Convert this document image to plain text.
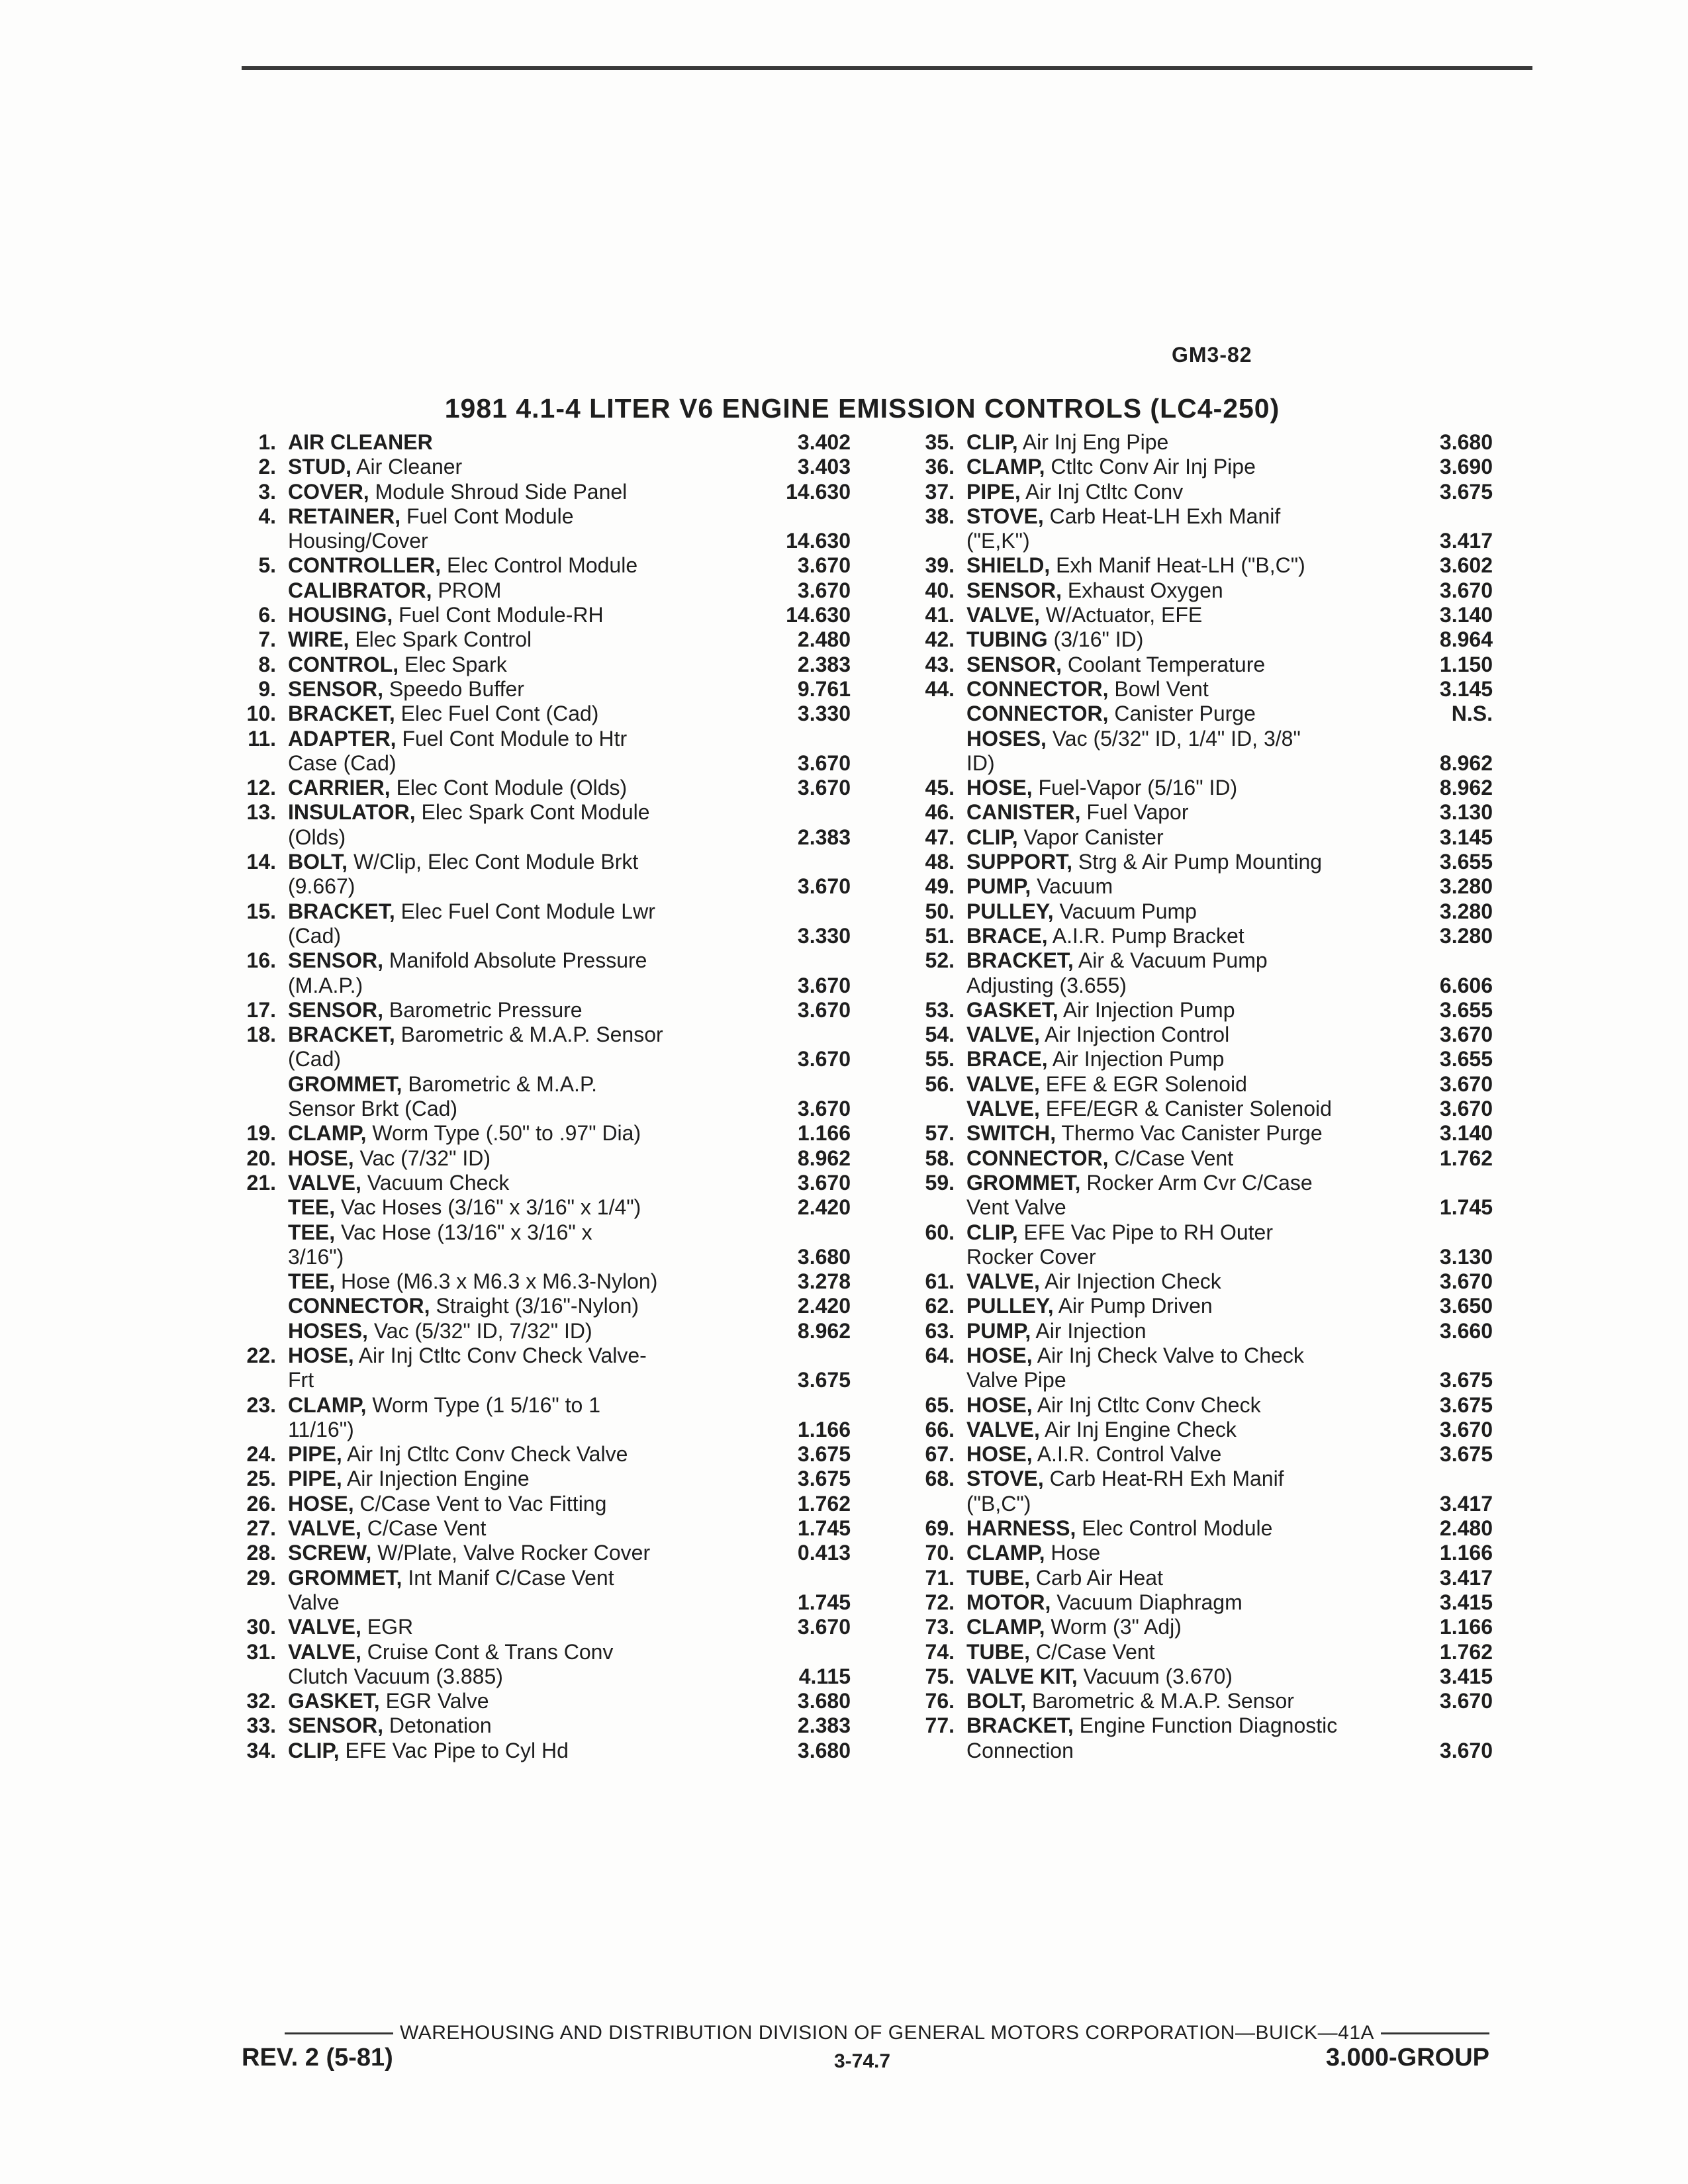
GM3-82
1981 4.1-4 LITER V6 ENGINE EMISSION CONTROLS (LC4-250)
1. AIR CLEANER	3.402
2. STUD, Air Cleaner	3.403
3. COVER, Module Shroud Side Panel	14.630
4. RETAINER, Fuel Cont Module
Housing/Cover	14.630
5. CONTROLLER, Elec Control Module	3.670
CALIBRATOR, PROM	3.670
6. HOUSING, Fuel Cont Module-RH	14.630
7. WIRE, Elec Spark Control	2.480
8. CONTROL, Elec Spark	2.383
9. SENSOR, Speedo Buffer	9.761
10. BRACKET, Elec Fuel Cont (Cad)	3.330
11. ADAPTER, Fuel Cont Module to Htr
Case (Cad)	3.670
12. CARRIER, Elec Cont Module (Olds)	3.670
13. INSULATOR, Elec Spark Cont Module
(Olds)	2.383
14. BOLT, W/Clip, Elec Cont Module Brkt
(9.667)	3.670
15. BRACKET, Elec Fuel Cont Module Lwr
(Cad)	3.330
16. SENSOR, Manifold Absolute Pressure
(M.A.P.)	3.670
17. SENSOR, Barometric Pressure	3.670
18. BRACKET, Barometric & M.A.P. Sensor
(Cad)	3.670
GROMMET, Barometric & M.A.P.
Sensor Brkt (Cad)	3.670
19. CLAMP, Worm Type (.50" to .97" Dia)	1.166
20. HOSE, Vac (7/32" ID)	8.962
21. VALVE, Vacuum Check	3.670
TEE, Vac Hoses (3/16" x 3/16" x 1/4")	2.420
TEE, Vac Hose (13/16" x 3/16" x
3/16")	3.680
TEE, Hose (M6.3 x M6.3 x M6.3-Nylon)	3.278
CONNECTOR, Straight (3/16"-Nylon)	2.420
HOSES, Vac (5/32" ID, 7/32" ID)	8.962
22. HOSE, Air Inj Ctltc Conv Check Valve-
Frt	3.675
23. CLAMP, Worm Type (1 5/16" to 1
11/16")	1.166
24. PIPE, Air Inj Ctltc Conv Check Valve	3.675
25. PIPE, Air Injection Engine	3.675
26. HOSE, C/Case Vent to Vac Fitting	1.762
27. VALVE, C/Case Vent	1.745
28. SCREW, W/Plate, Valve Rocker Cover	0.413
29. GROMMET, Int Manif C/Case Vent
Valve	1.745
30. VALVE, EGR	3.670
31. VALVE, Cruise Cont & Trans Conv
Clutch Vacuum (3.885)	4.115
32. GASKET, EGR Valve	3.680
33. SENSOR, Detonation	2.383
34. CLIP, EFE Vac Pipe to Cyl Hd	3.680
35. CLIP, Air Inj Eng Pipe	3.680
36. CLAMP, Ctltc Conv Air Inj Pipe	3.690
37. PIPE, Air Inj Ctltc Conv	3.675
38. STOVE, Carb Heat-LH Exh Manif
("E,K")	3.417
39. SHIELD, Exh Manif Heat-LH ("B,C")	3.602
40. SENSOR, Exhaust Oxygen	3.670
41. VALVE, W/Actuator, EFE	3.140
42. TUBING (3/16" ID)	8.964
43. SENSOR, Coolant Temperature	1.150
44. CONNECTOR, Bowl Vent	3.145
CONNECTOR, Canister Purge	N.S.
HOSES, Vac (5/32" ID, 1/4" ID, 3/8"
ID)	8.962
45. HOSE, Fuel-Vapor (5/16" ID)	8.962
46. CANISTER, Fuel Vapor	3.130
47. CLIP, Vapor Canister	3.145
48. SUPPORT, Strg & Air Pump Mounting	3.655
49. PUMP, Vacuum	3.280
50. PULLEY, Vacuum Pump	3.280
51. BRACE, A.I.R. Pump Bracket	3.280
52. BRACKET, Air & Vacuum Pump
Adjusting (3.655)	6.606
53. GASKET, Air Injection Pump	3.655
54. VALVE, Air Injection Control	3.670
55. BRACE, Air Injection Pump	3.655
56. VALVE, EFE & EGR Solenoid	3.670
VALVE, EFE/EGR & Canister Solenoid	3.670
57. SWITCH, Thermo Vac Canister Purge	3.140
58. CONNECTOR, C/Case Vent	1.762
59. GROMMET, Rocker Arm Cvr C/Case
Vent Valve	1.745
60. CLIP, EFE Vac Pipe to RH Outer
Rocker Cover	3.130
61. VALVE, Air Injection Check	3.670
62. PULLEY, Air Pump Driven	3.650
63. PUMP, Air Injection	3.660
64. HOSE, Air Inj Check Valve to Check
Valve Pipe	3.675
65. HOSE, Air Inj Ctltc Conv Check	3.675
66. VALVE, Air Inj Engine Check	3.670
67. HOSE, A.I.R. Control Valve	3.675
68. STOVE, Carb Heat-RH Exh Manif
("B,C")	3.417
69. HARNESS, Elec Control Module	2.480
70. CLAMP, Hose	1.166
71. TUBE, Carb Air Heat	3.417
72. MOTOR, Vacuum Diaphragm	3.415
73. CLAMP, Worm (3" Adj)	1.166
74. TUBE, C/Case Vent	1.762
75. VALVE KIT, Vacuum (3.670)	3.415
76. BOLT, Barometric & M.A.P. Sensor	3.670
77. BRACKET, Engine Function Diagnostic
Connection	3.670
WAREHOUSING AND DISTRIBUTION DIVISION OF GENERAL MOTORS CORPORATION—BUICK—41A
REV. 2 (5-81)	3-74.7	3.000-GROUP
